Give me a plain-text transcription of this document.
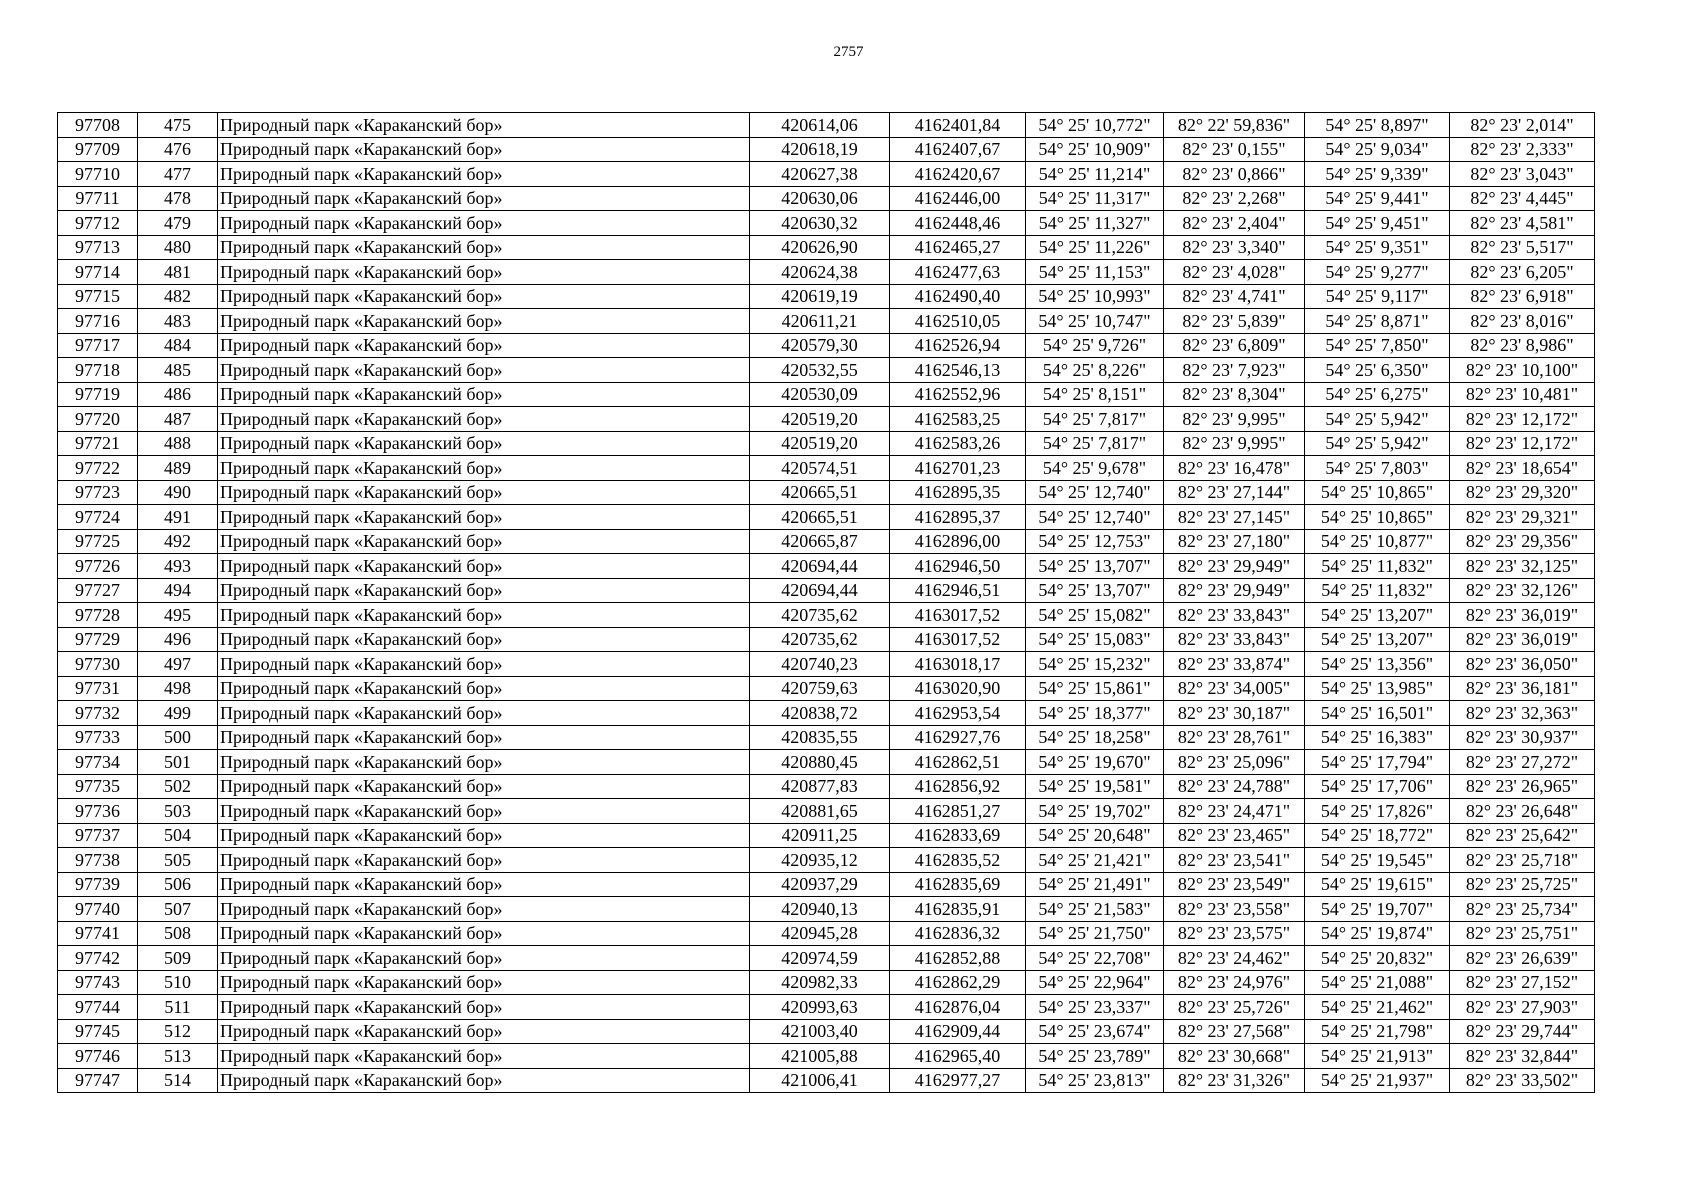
2757
97708	475	Природный парк «Караканский бор»	420614,06	4162401,84	54° 25' 10,772"	82° 22' 59,836"	54° 25' 8,897"	82° 23' 2,014"
97709	476	Природный парк «Караканский бор»	420618,19	4162407,67	54° 25' 10,909"	82° 23' 0,155"	54° 25' 9,034"	82° 23' 2,333"
97710	477	Природный парк «Караканский бор»	420627,38	4162420,67	54° 25' 11,214"	82° 23' 0,866"	54° 25' 9,339"	82° 23' 3,043"
97711	478	Природный парк «Караканский бор»	420630,06	4162446,00	54° 25' 11,317"	82° 23' 2,268"	54° 25' 9,441"	82° 23' 4,445"
97712	479	Природный парк «Караканский бор»	420630,32	4162448,46	54° 25' 11,327"	82° 23' 2,404"	54° 25' 9,451"	82° 23' 4,581"
97713	480	Природный парк «Караканский бор»	420626,90	4162465,27	54° 25' 11,226"	82° 23' 3,340"	54° 25' 9,351"	82° 23' 5,517"
97714	481	Природный парк «Караканский бор»	420624,38	4162477,63	54° 25' 11,153"	82° 23' 4,028"	54° 25' 9,277"	82° 23' 6,205"
97715	482	Природный парк «Караканский бор»	420619,19	4162490,40	54° 25' 10,993"	82° 23' 4,741"	54° 25' 9,117"	82° 23' 6,918"
97716	483	Природный парк «Караканский бор»	420611,21	4162510,05	54° 25' 10,747"	82° 23' 5,839"	54° 25' 8,871"	82° 23' 8,016"
97717	484	Природный парк «Караканский бор»	420579,30	4162526,94	54° 25' 9,726"	82° 23' 6,809"	54° 25' 7,850"	82° 23' 8,986"
97718	485	Природный парк «Караканский бор»	420532,55	4162546,13	54° 25' 8,226"	82° 23' 7,923"	54° 25' 6,350"	82° 23' 10,100"
97719	486	Природный парк «Караканский бор»	420530,09	4162552,96	54° 25' 8,151"	82° 23' 8,304"	54° 25' 6,275"	82° 23' 10,481"
97720	487	Природный парк «Караканский бор»	420519,20	4162583,25	54° 25' 7,817"	82° 23' 9,995"	54° 25' 5,942"	82° 23' 12,172"
97721	488	Природный парк «Караканский бор»	420519,20	4162583,26	54° 25' 7,817"	82° 23' 9,995"	54° 25' 5,942"	82° 23' 12,172"
97722	489	Природный парк «Караканский бор»	420574,51	4162701,23	54° 25' 9,678"	82° 23' 16,478"	54° 25' 7,803"	82° 23' 18,654"
97723	490	Природный парк «Караканский бор»	420665,51	4162895,35	54° 25' 12,740"	82° 23' 27,144"	54° 25' 10,865"	82° 23' 29,320"
97724	491	Природный парк «Караканский бор»	420665,51	4162895,37	54° 25' 12,740"	82° 23' 27,145"	54° 25' 10,865"	82° 23' 29,321"
97725	492	Природный парк «Караканский бор»	420665,87	4162896,00	54° 25' 12,753"	82° 23' 27,180"	54° 25' 10,877"	82° 23' 29,356"
97726	493	Природный парк «Караканский бор»	420694,44	4162946,50	54° 25' 13,707"	82° 23' 29,949"	54° 25' 11,832"	82° 23' 32,125"
97727	494	Природный парк «Караканский бор»	420694,44	4162946,51	54° 25' 13,707"	82° 23' 29,949"	54° 25' 11,832"	82° 23' 32,126"
97728	495	Природный парк «Караканский бор»	420735,62	4163017,52	54° 25' 15,082"	82° 23' 33,843"	54° 25' 13,207"	82° 23' 36,019"
97729	496	Природный парк «Караканский бор»	420735,62	4163017,52	54° 25' 15,083"	82° 23' 33,843"	54° 25' 13,207"	82° 23' 36,019"
97730	497	Природный парк «Караканский бор»	420740,23	4163018,17	54° 25' 15,232"	82° 23' 33,874"	54° 25' 13,356"	82° 23' 36,050"
97731	498	Природный парк «Караканский бор»	420759,63	4163020,90	54° 25' 15,861"	82° 23' 34,005"	54° 25' 13,985"	82° 23' 36,181"
97732	499	Природный парк «Караканский бор»	420838,72	4162953,54	54° 25' 18,377"	82° 23' 30,187"	54° 25' 16,501"	82° 23' 32,363"
97733	500	Природный парк «Караканский бор»	420835,55	4162927,76	54° 25' 18,258"	82° 23' 28,761"	54° 25' 16,383"	82° 23' 30,937"
97734	501	Природный парк «Караканский бор»	420880,45	4162862,51	54° 25' 19,670"	82° 23' 25,096"	54° 25' 17,794"	82° 23' 27,272"
97735	502	Природный парк «Караканский бор»	420877,83	4162856,92	54° 25' 19,581"	82° 23' 24,788"	54° 25' 17,706"	82° 23' 26,965"
97736	503	Природный парк «Караканский бор»	420881,65	4162851,27	54° 25' 19,702"	82° 23' 24,471"	54° 25' 17,826"	82° 23' 26,648"
97737	504	Природный парк «Караканский бор»	420911,25	4162833,69	54° 25' 20,648"	82° 23' 23,465"	54° 25' 18,772"	82° 23' 25,642"
97738	505	Природный парк «Караканский бор»	420935,12	4162835,52	54° 25' 21,421"	82° 23' 23,541"	54° 25' 19,545"	82° 23' 25,718"
97739	506	Природный парк «Караканский бор»	420937,29	4162835,69	54° 25' 21,491"	82° 23' 23,549"	54° 25' 19,615"	82° 23' 25,725"
97740	507	Природный парк «Караканский бор»	420940,13	4162835,91	54° 25' 21,583"	82° 23' 23,558"	54° 25' 19,707"	82° 23' 25,734"
97741	508	Природный парк «Караканский бор»	420945,28	4162836,32	54° 25' 21,750"	82° 23' 23,575"	54° 25' 19,874"	82° 23' 25,751"
97742	509	Природный парк «Караканский бор»	420974,59	4162852,88	54° 25' 22,708"	82° 23' 24,462"	54° 25' 20,832"	82° 23' 26,639"
97743	510	Природный парк «Караканский бор»	420982,33	4162862,29	54° 25' 22,964"	82° 23' 24,976"	54° 25' 21,088"	82° 23' 27,152"
97744	511	Природный парк «Караканский бор»	420993,63	4162876,04	54° 25' 23,337"	82° 23' 25,726"	54° 25' 21,462"	82° 23' 27,903"
97745	512	Природный парк «Караканский бор»	421003,40	4162909,44	54° 25' 23,674"	82° 23' 27,568"	54° 25' 21,798"	82° 23' 29,744"
97746	513	Природный парк «Караканский бор»	421005,88	4162965,40	54° 25' 23,789"	82° 23' 30,668"	54° 25' 21,913"	82° 23' 32,844"
97747	514	Природный парк «Караканский бор»	421006,41	4162977,27	54° 25' 23,813"	82° 23' 31,326"	54° 25' 21,937"	82° 23' 33,502"
